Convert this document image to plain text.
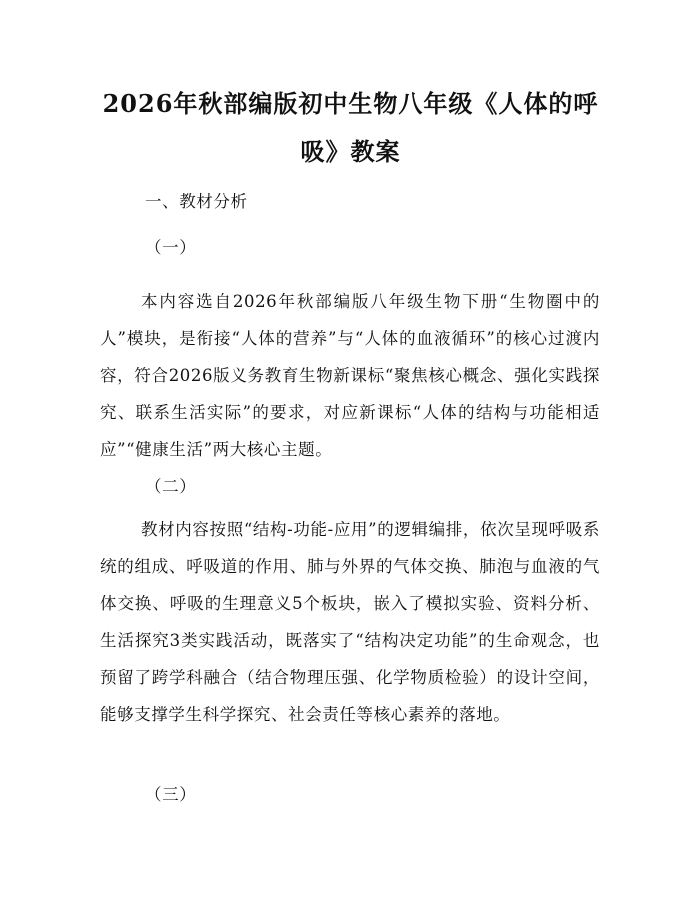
2026年秋部编版初中生物八年级《人体的呼吸》教案

一、教材分析

（一）

本内容选自2026年秋部编版八年级生物下册“生物圈中的人”模块，是衔接“人体的营养”与“人体的血液循环”的核心过渡内容，符合2026版义务教育生物新课标“聚焦核心概念、强化实践探究、联系生活实际”的要求，对应新课标“人体的结构与功能相适应”“健康生活”两大核心主题。

（二）

教材内容按照“结构-功能-应用”的逻辑编排，依次呈现呼吸系统的组成、呼吸道的作用、肺与外界的气体交换、肺泡与血液的气体交换、呼吸的生理意义5个板块，嵌入了模拟实验、资料分析、生活探究3类实践活动，既落实了“结构决定功能”的生命观念，也预留了跨学科融合（结合物理压强、化学物质检验）的设计空间，能够支撑学生科学探究、社会责任等核心素养的落地。

（三）
